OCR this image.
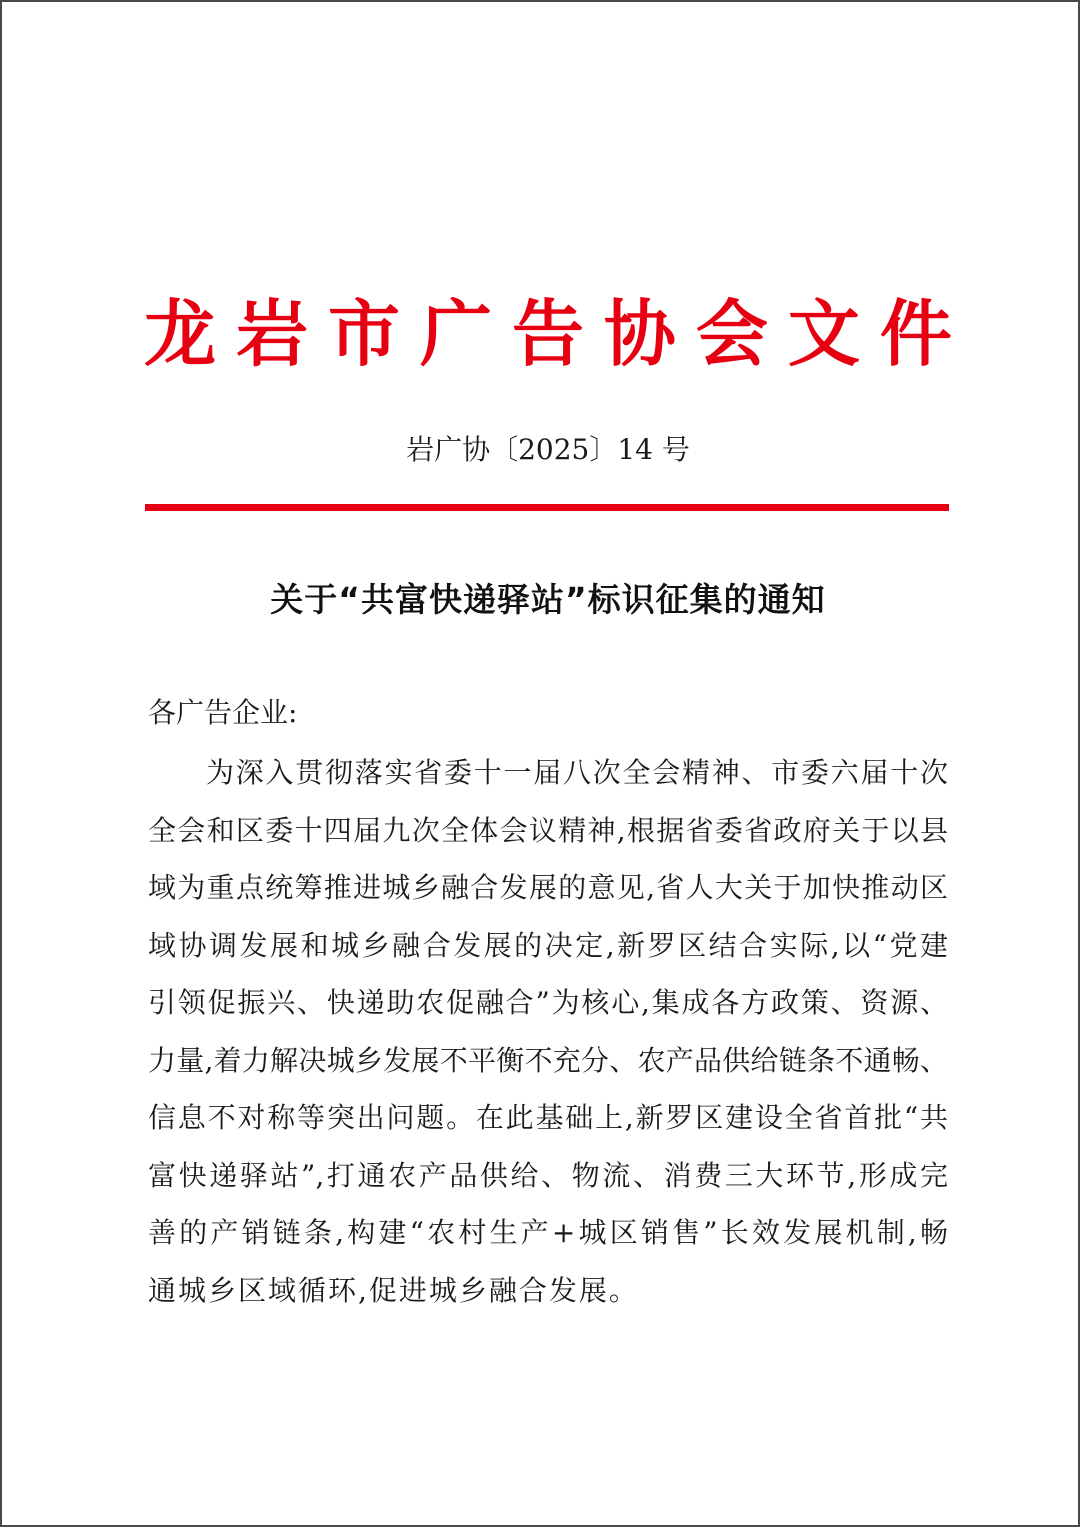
龙 岩 市 广 告 协 会 文 件
岩广协〔2025〕14 号
关于“共富快递驿站”标识征集的通知
各广告企业:
为深入贯彻落实省委十一届八次全会精神、市委六届十次
全会和区委十四届九次全体会议精神,根据省委省政府关于以县
域为重点统筹推进城乡融合发展的意见,省人大关于加快推动区
域协调发展和城乡融合发展的决定,新罗区结合实际,以“党建
引领促振兴、快递助农促融合”为核心,集成各方政策、资源、
力量,着力解决城乡发展不平衡不充分、农产品供给链条不通畅、
信息不对称等突出问题。在此基础上,新罗区建设全省首批“共
富快递驿站”,打通农产品供给、物流、消费三大环节,形成完
善的产销链条,构建“农村生产+城区销售”长效发展机制,畅
通城乡区域循环,促进城乡融合发展。
